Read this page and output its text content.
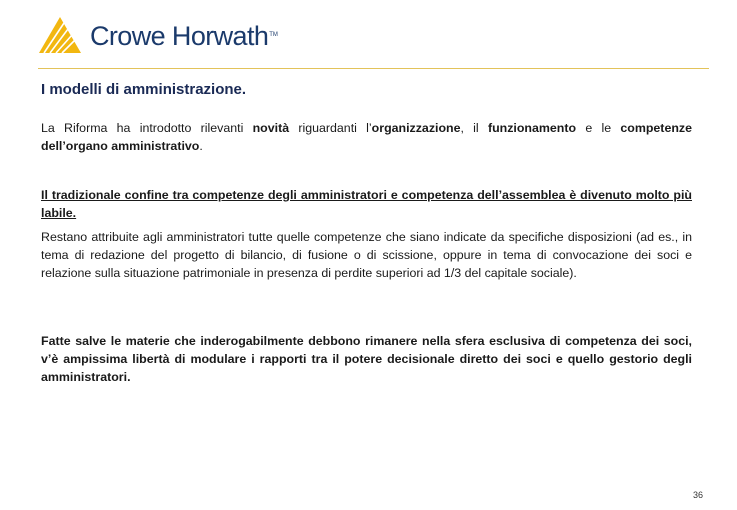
Crowe Horwath TM
I modelli di amministrazione.

La Riforma ha introdotto rilevanti novità riguardanti l’organizzazione, il funzionamento e le competenze dell’organo amministrativo.

Il tradizionale confine tra competenze degli amministratori e competenza dell’assemblea è divenuto molto più labile.

Restano attribuite agli amministratori tutte quelle competenze che siano indicate da specifiche disposizioni (ad es., in tema di redazione del progetto di bilancio, di fusione o di scissione, oppure in tema di convocazione dei soci e relazione sulla situazione patrimoniale in presenza di perdite superiori ad 1/3 del capitale sociale).

Fatte salve le materie che inderogabilmente debbono rimanere nella sfera esclusiva di competenza dei soci, v’è ampissima libertà di modulare i rapporti tra il potere decisionale diretto dei soci e quello gestorio degli amministratori.

36
